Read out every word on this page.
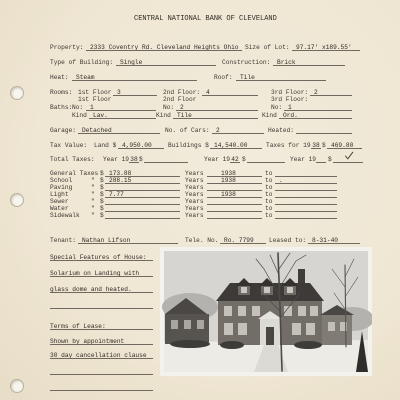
CENTRAL NATIONAL BANK OF CLEVELAND
Property:	2333 Coventry Rd. Cleveland Heights Ohio	Size of Lot:	97.17' x189.55'
Type of Building:	Single	Construction:	Brick
Heat:	Steam	Roof:	Tile
Rooms: 1st Floor 3	2nd Floor: 4	3rd Floor: 2
1st Floor	2nd Floor	3rd Floor:
Baths: No:	1	No: 2	No: 1
Kind Lav.	Kind Tile	Kind Ord.
Garage: Detached	No. of Cars:	2	Heated:
Tax Value: Land $ 4,950.00	Buildings $ 14,540.00	Taxes for 19 38 $ 469.80
Total Taxes: Year 19 38 $	Year 19 42 $	Year 19 $
General Taxes $ 173.88	Years	1938	to
School	" $ 288.15	Years	1938	to	.
Paving	" $	Years	to
Light	" $ 7.77	Years	1938	to
Sewer	" $	Years	to
Water	" $	Years	to
Sidewalk " $	Years	to
Tenant: Nathan Lifson	Tele. No. Ro. 7799	Leased to: 8-31-40
Special Features of House:
Solarium on Landing with
glass dome and heated.
Terms of Lease:
Shown by appointment
30 day cancellation clause
